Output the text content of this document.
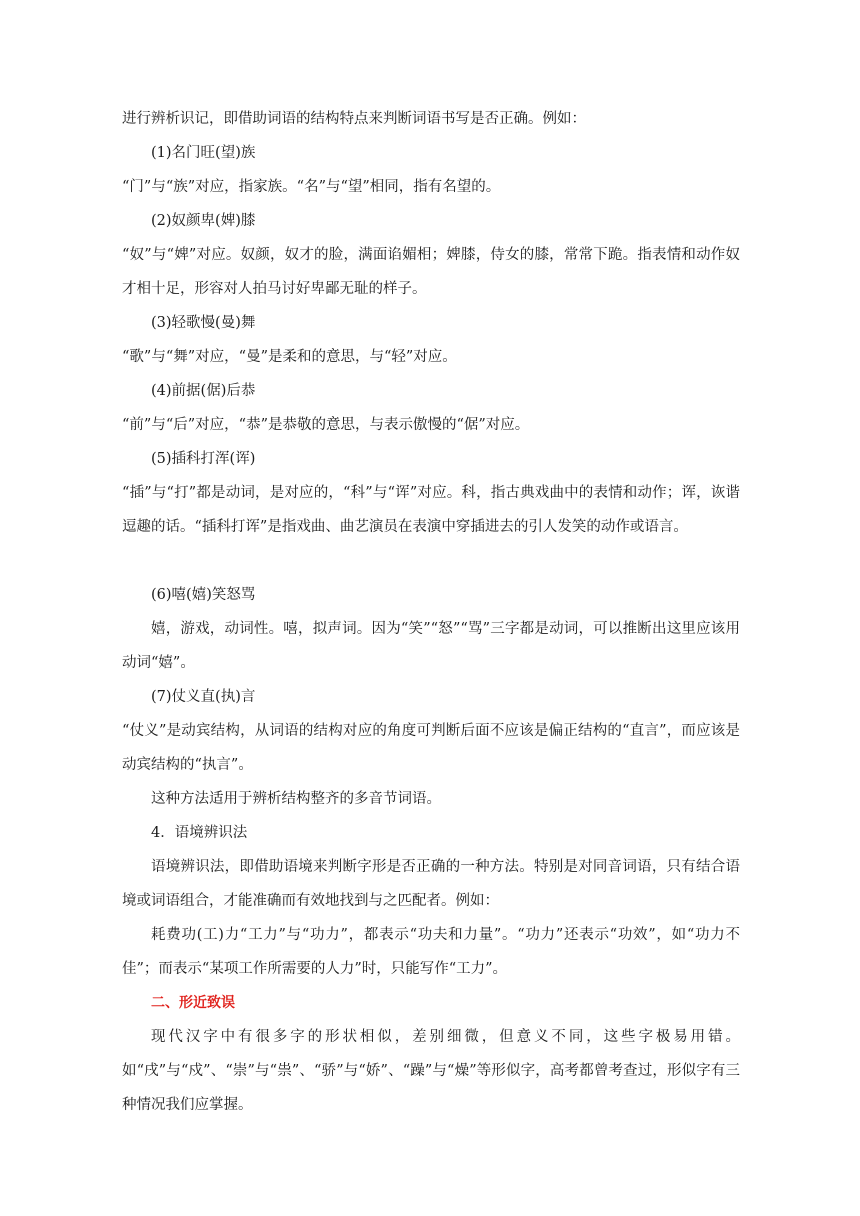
进行辨析识记，即借助词语的结构特点来判断词语书写是否正确。例如：

(1)名门旺(望)族

“门”与“族”对应，指家族。“名”与“望”相同，指有名望的。

(2)奴颜卑(婢)膝

“奴”与“婢”对应。奴颜，奴才的脸，满面谄媚相；婢膝，侍女的膝，常常下跪。指表情和动作奴才相十足，形容对人拍马讨好卑鄙无耻的样子。

(3)轻歌慢(曼)舞

“歌”与“舞”对应，“曼”是柔和的意思，与“轻”对应。

(4)前据(倨)后恭

“前”与“后”对应，“恭”是恭敬的意思，与表示傲慢的“倨”对应。

(5)插科打浑(诨)

“插”与“打”都是动词，是对应的，“科”与“诨”对应。科，指古典戏曲中的表情和动作；诨，诙谐逗趣的话。“插科打诨”是指戏曲、曲艺演员在表演中穿插进去的引人发笑的动作或语言。

(6)嘻(嬉)笑怒骂

嬉，游戏，动词性。嘻，拟声词。因为“笑”“怒”“骂”三字都是动词，可以推断出这里应该用动词“嬉”。

(7)仗义直(执)言

“仗义”是动宾结构，从词语的结构对应的角度可判断后面不应该是偏正结构的“直言”，而应该是动宾结构的“执言”。

这种方法适用于辨析结构整齐的多音节词语。

4．语境辨识法

语境辨识法，即借助语境来判断字形是否正确的一种方法。特别是对同音词语，只有结合语境或词语组合，才能准确而有效地找到与之匹配者。例如：

耗费功(工)力“工力”与“功力”，都表示“功夫和力量”。“功力”还表示“功效”，如“功力不佳”；而表示“某项工作所需要的人力”时，只能写作“工力”。

二、形近致误

现代汉字中有很多字的形状相似，差别细微，但意义不同，这些字极易用错。如“戌”与“戍”、“崇”与“祟”、“骄”与“娇”、“躁”与“燥”等形似字，高考都曾考查过，形似字有三种情况我们应掌握。
